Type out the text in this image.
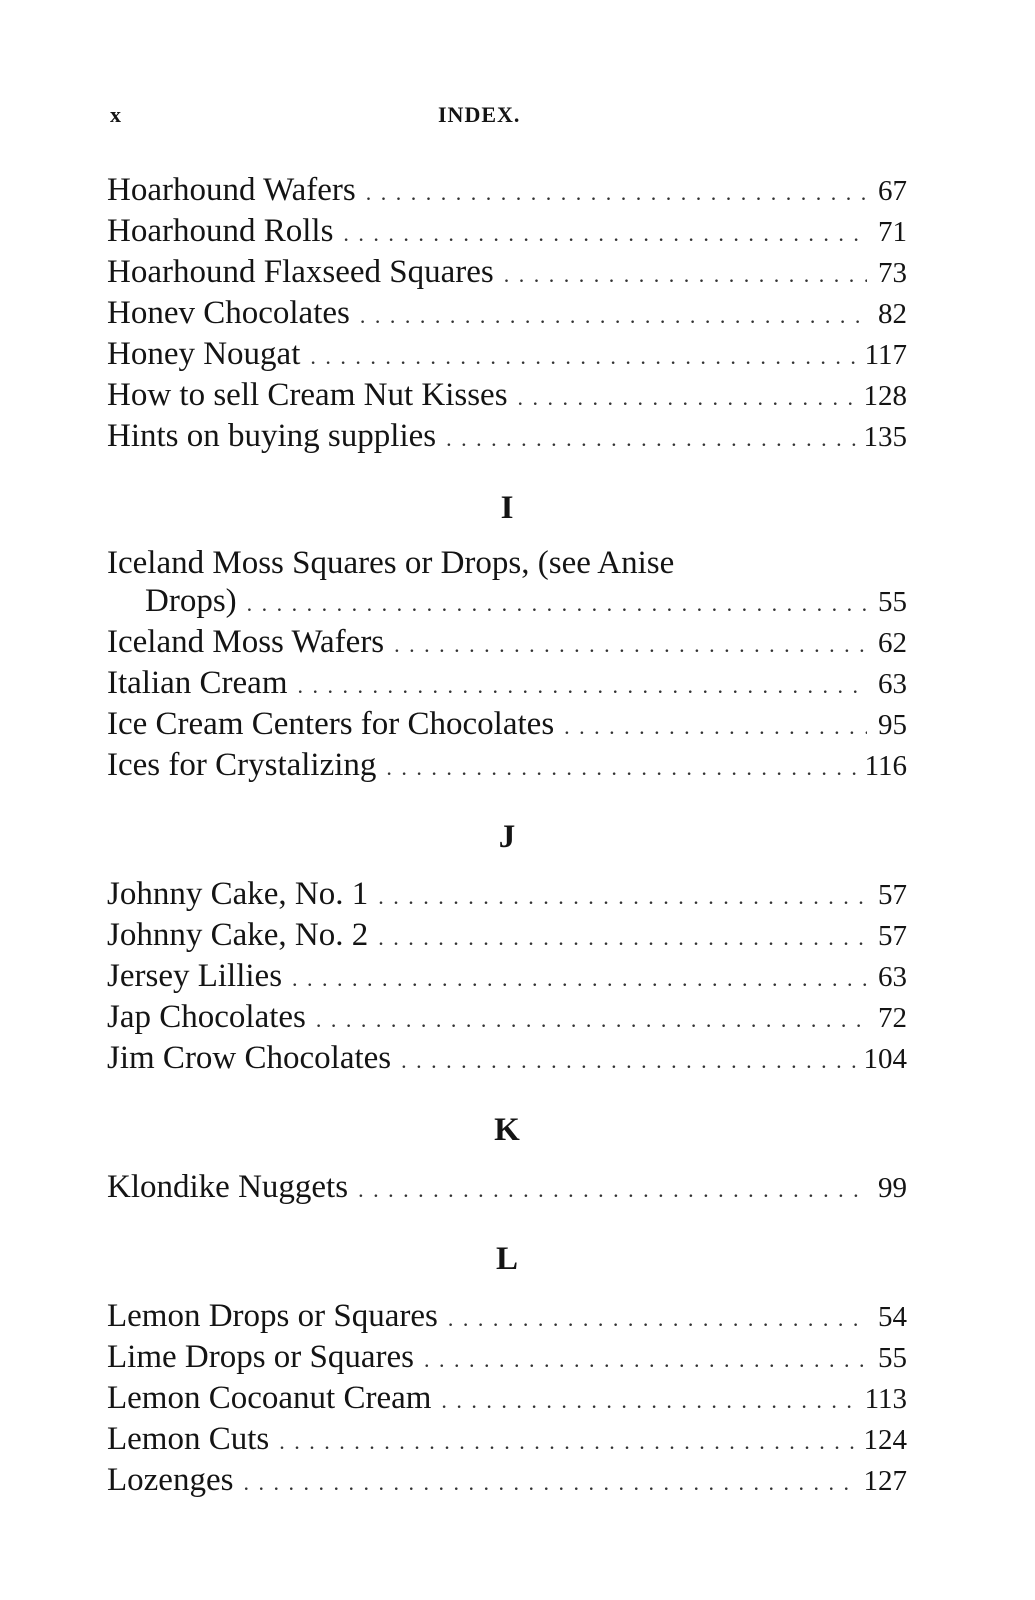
x	INDEX.
Hoarhound Wafers . . .	67
Hoarhound Rolls . . .	71
Hoarhound Flaxseed Squares . . .	73
Honev Chocolates . . .	82
Honey Nougat . . .	117
How to sell Cream Nut Kisses . . .	128
Hints on buying supplies . . .	135
I
Iceland Moss Squares or Drops, (see Anise
Drops) . . .	55
Iceland Moss Wafers . . .	62
Italian Cream . . .	63
Ice Cream Centers for Chocolates . . .	95
Ices for Crystalizing . . .	116
J
Johnny Cake, No. 1 . . .	57
Johnny Cake, No. 2 . . .	57
Jersey Lillies . . .	63
Jap Chocolates . . .	72
Jim Crow Chocolates . . .	104
K
Klondike Nuggets . . .	99
L
Lemon Drops or Squares . . .	54
Lime Drops or Squares . . .	55
Lemon Cocoanut Cream . . .	113
Lemon Cuts . . .	124
Lozenges . . .	127
